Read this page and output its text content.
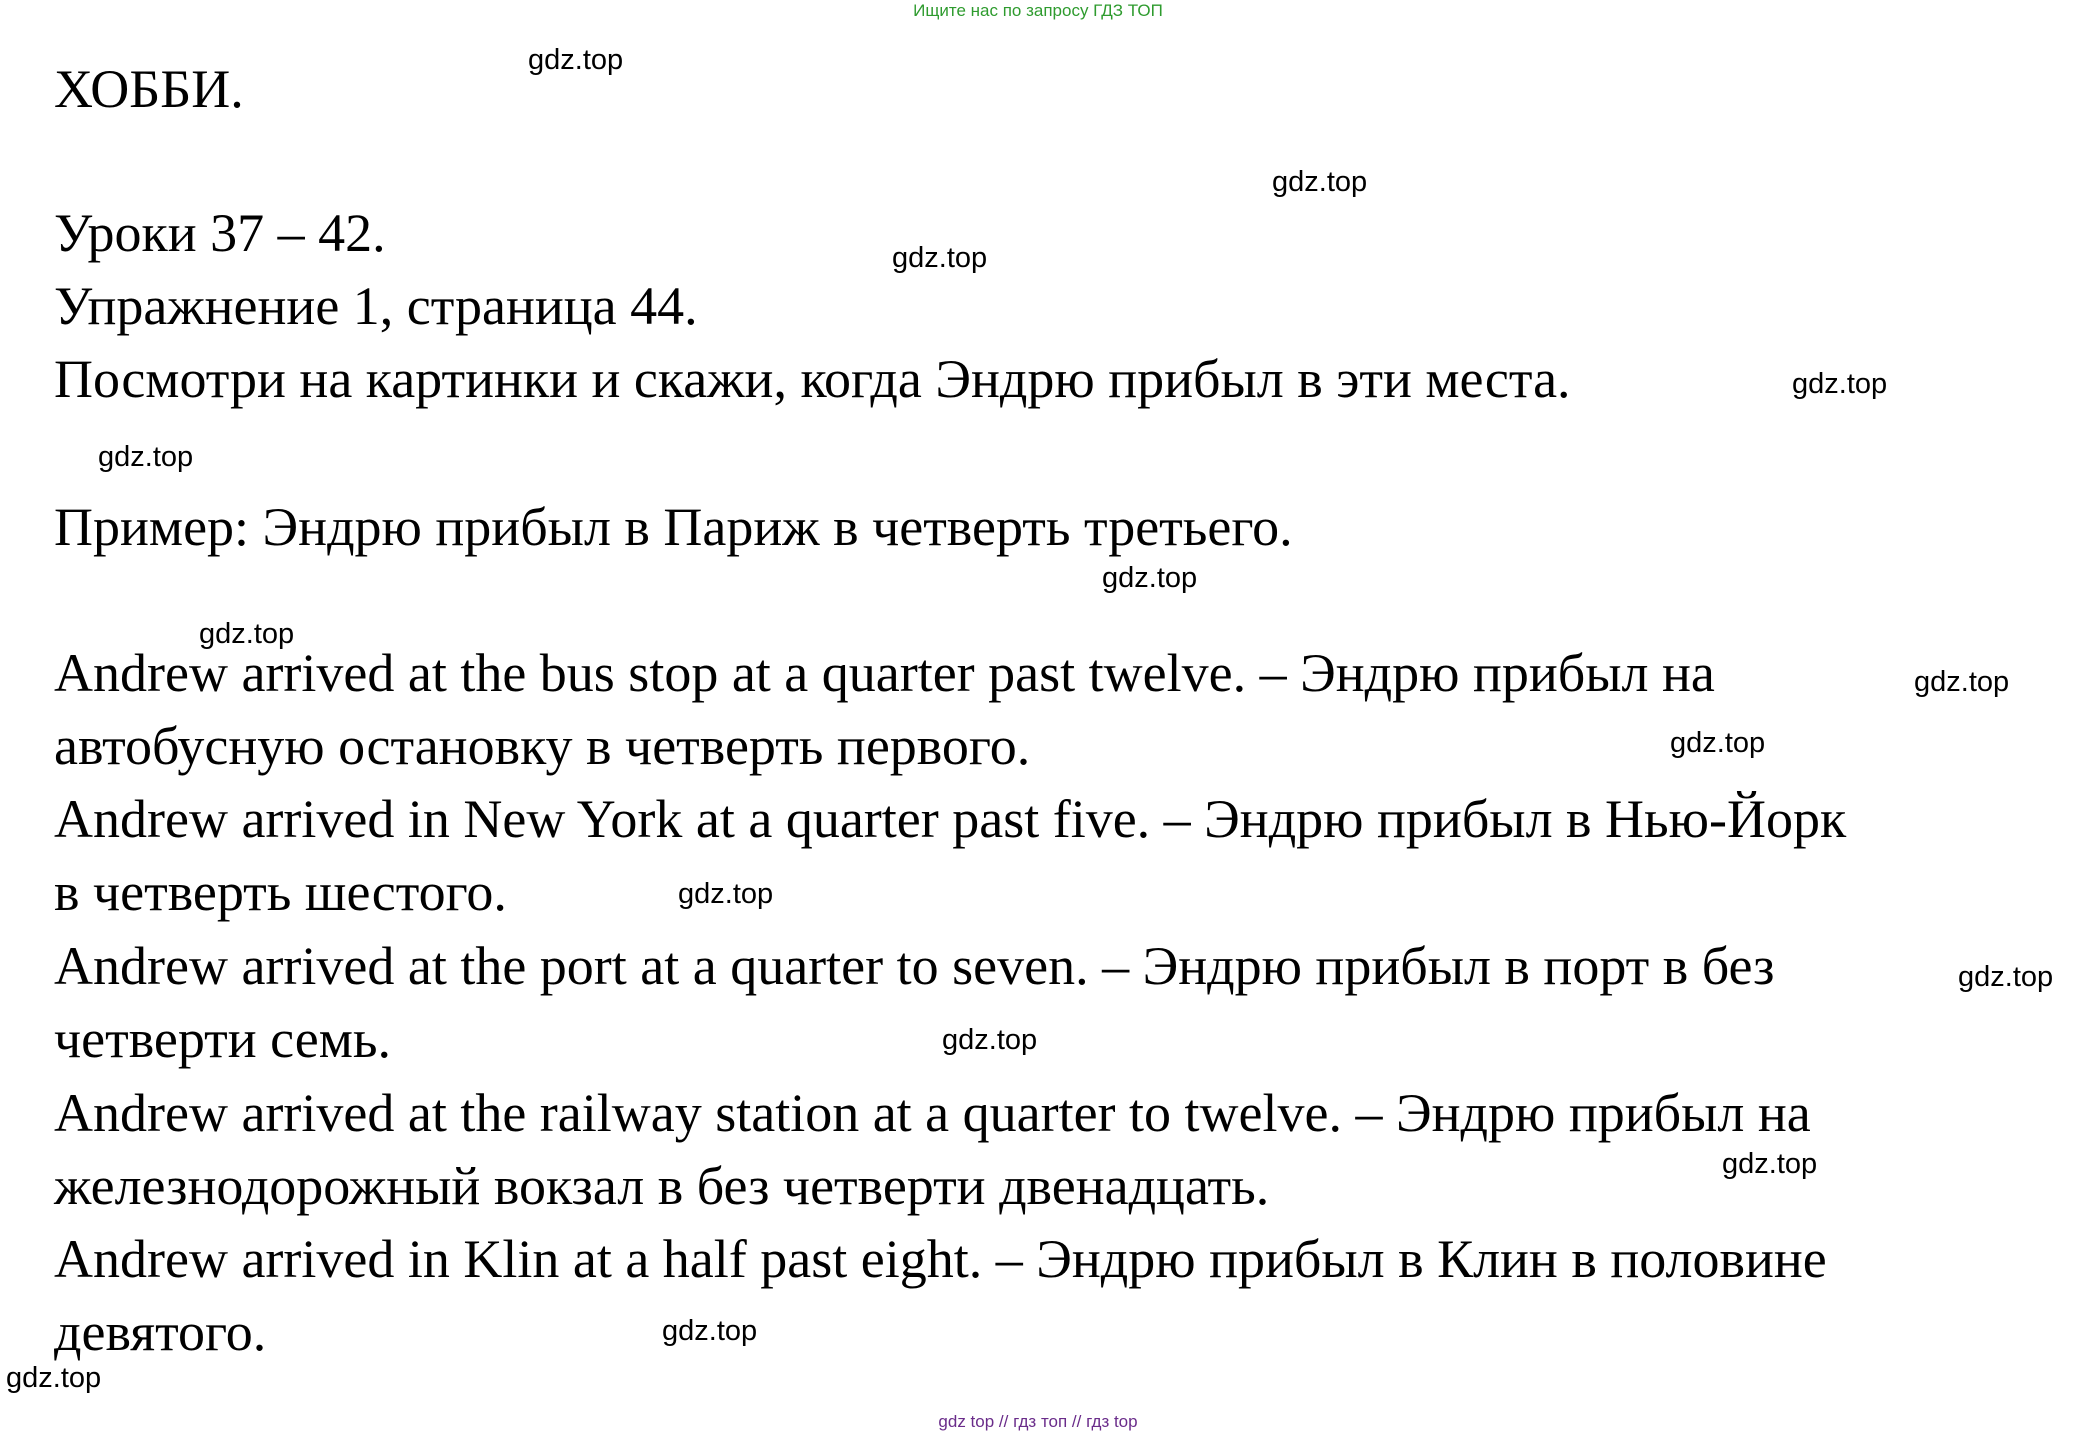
Ищите нас по запросу ГДЗ ТОП
ХОББИ.
Уроки 37 – 42.
Упражнение 1, страница 44.
Посмотри на картинки и скажи, когда Эндрю прибыл в эти места.
Пример: Эндрю прибыл в Париж в четверть третьего.
Andrew arrived at the bus stop at a quarter past twelve. – Эндрю прибыл на
автобусную остановку в четверть первого.
Andrew arrived in New York at a quarter past five. – Эндрю прибыл в Нью-Йорк
в четверть шестого.
Andrew arrived at the port at a quarter to seven. – Эндрю прибыл в порт в без
четверти семь.
Andrew arrived at the railway station at a quarter to twelve. – Эндрю прибыл на
железнодорожный вокзал в без четверти двенадцать.
Andrew arrived in Klin at a half past eight. – Эндрю прибыл в Клин в половине
девятого.
gdz.top
gdz.top
gdz.top
gdz.top
gdz.top
gdz.top
gdz.top
gdz.top
gdz.top
gdz.top
gdz.top
gdz.top
gdz.top
gdz.top
gdz.top
gdz top // гдз топ // гдз top
